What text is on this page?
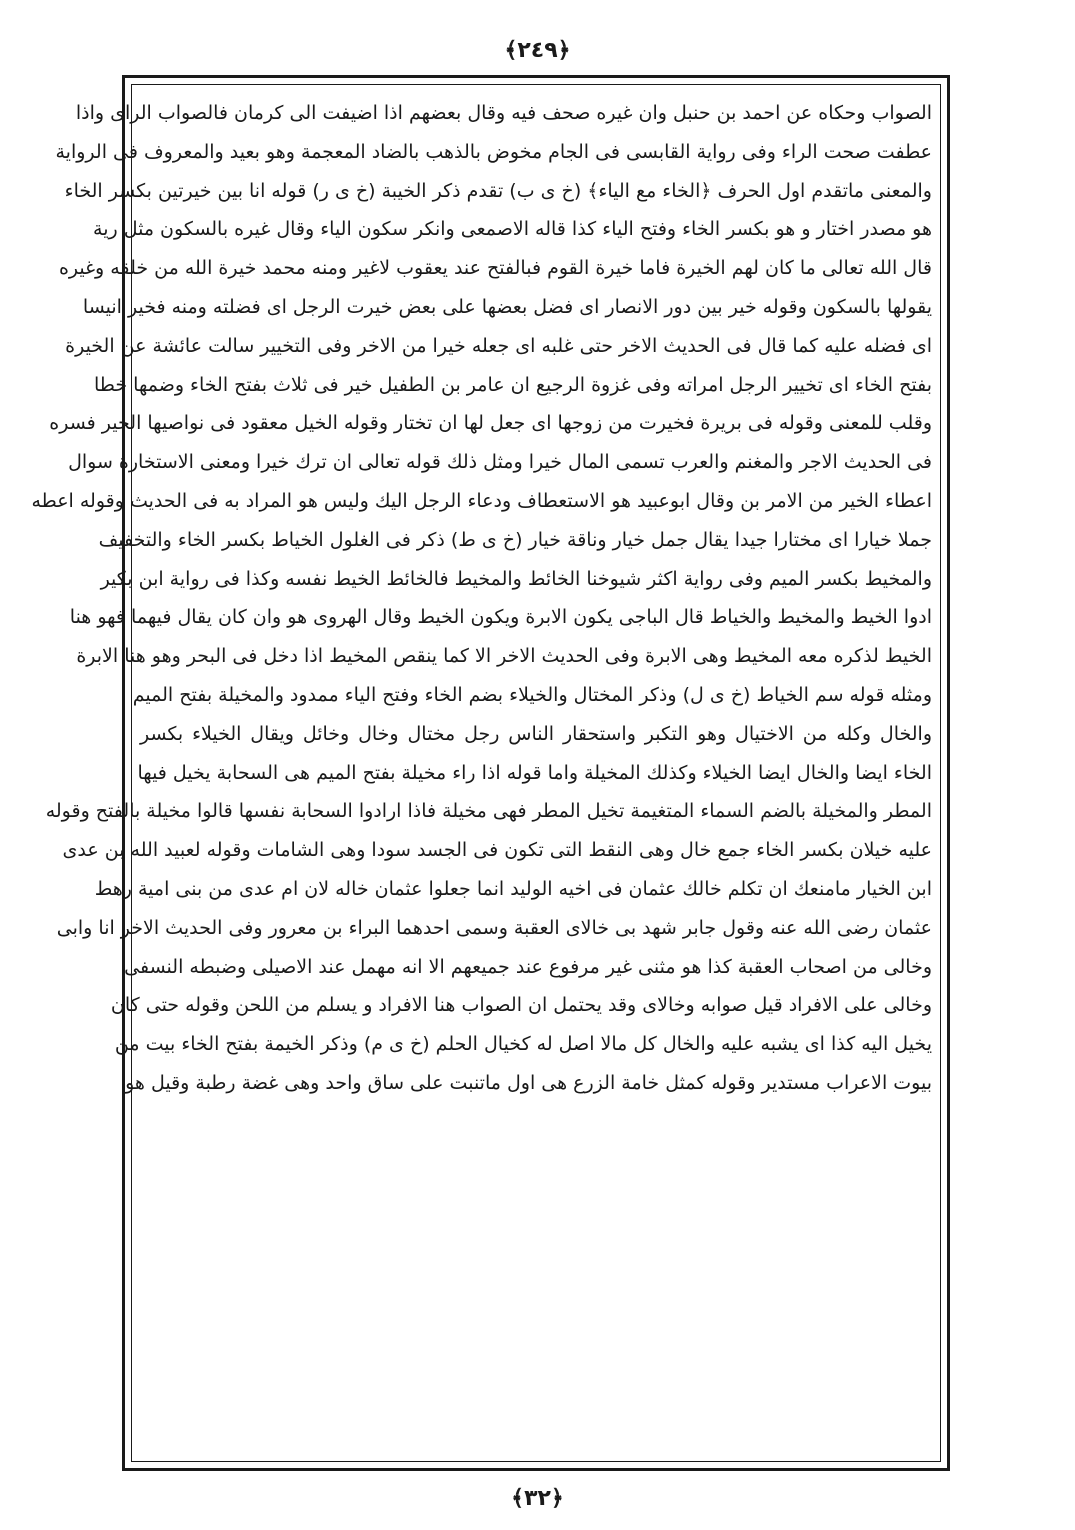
﴿٢٤٩﴾
الصواب وحكاه عن احمد بن حنبل وان غيره صحف فيه وقال بعضهم اذا اضيفت الى كرمان فالصواب الراى واذا
عطفت صحت الراء وفى رواية القابسى فى الجام مخوض بالذهب بالضاد المعجمة وهو بعيد والمعروف فى الرواية
والمعنى ماتقدم اول الحرف ﴿الخاء مع الياء﴾ (خ ى ب) تقدم ذكر الخيبة (خ ى ر) قوله انا بين خيرتين بكسر الخاء
هو مصدر اختار و هو بكسر الخاء وفتح الياء كذا قاله الاصمعى وانكر سكون الياء وقال غيره بالسكون مثل رية
قال الله تعالى ما كان لهم الخيرة فاما خيرة القوم فبالفتح عند يعقوب لاغير ومنه محمد خيرة الله من خلقه وغيره
يقولها بالسكون وقوله خير بين دور الانصار اى فضل بعضها على بعض خيرت الرجل اى فضلته ومنه فخير انيسا
اى فضله عليه كما قال فى الحديث الاخر حتى غلبه اى جعله خيرا من الاخر وفى التخيير سالت عائشة عن الخيرة
بفتح الخاء اى تخيير الرجل امراته وفى غزوة الرجيع ان عامر بن الطفيل خير فى ثلاث بفتح الخاء وضمها خطا
وقلب للمعنى وقوله فى بريرة فخيرت من زوجها اى جعل لها ان تختار وقوله الخيل معقود فى نواصيها الخير فسره
فى الحديث الاجر والمغنم والعرب تسمى المال خيرا ومثل ذلك قوله تعالى ان ترك خيرا ومعنى الاستخارة سوال
اعطاء الخير من الامر بن وقال ابوعبيد هو الاستعطاف ودعاء الرجل اليك وليس هو المراد به فى الحديث وقوله اعطه
جملا خيارا اى مختارا جيدا يقال جمل خيار وناقة خيار (خ ى ط) ذكر فى الغلول الخياط بكسر الخاء والتخفيف
والمخيط بكسر الميم وفى رواية اكثر شيوخنا الخائط والمخيط فالخائط الخيط نفسه وكذا فى رواية ابن بكير
ادوا الخيط والمخيط والخياط قال الباجى يكون الابرة ويكون الخيط وقال الهروى هو وان كان يقال فيهما فهو هنا
الخيط لذكره معه المخيط وهى الابرة وفى الحديث الاخر الا كما ينقص المخيط اذا دخل فى البحر وهو هنا الابرة
ومثله قوله سم الخياط (خ ى ل) وذكر المختال والخيلاء بضم الخاء وفتح الياء ممدود والمخيلة بفتح الميم
والخال وكله من الاختيال وهو التكبر واستحقار الناس رجل مختال وخال وخائل ويقال الخيلاء بكسر
الخاء ايضا والخال ايضا الخيلاء وكذلك المخيلة واما قوله اذا راء مخيلة بفتح الميم هى السحابة يخيل فيها
المطر والمخيلة بالضم السماء المتغيمة تخيل المطر فهى مخيلة فاذا ارادوا السحابة نفسها قالوا مخيلة بالفتح وقوله
عليه خيلان بكسر الخاء جمع خال وهى النقط التى تكون فى الجسد سودا وهى الشامات وقوله لعبيد الله بن عدى
ابن الخيار مامنعك ان تكلم خالك عثمان فى اخيه الوليد انما جعلوا عثمان خاله لان ام عدى من بنى امية رهط
عثمان رضى الله عنه وقول جابر شهد بى خالاى العقبة وسمى احدهما البراء بن معرور وفى الحديث الاخر انا وابى
وخالى من اصحاب العقبة كذا هو مثنى غير مرفوع عند جميعهم الا انه مهمل عند الاصيلى وضبطه النسفى
وخالى على الافراد قيل صوابه وخالاى وقد يحتمل ان الصواب هنا الافراد و يسلم من اللحن وقوله حتى كان
يخيل اليه كذا اى يشبه عليه والخال كل مالا اصل له كخيال الحلم (خ ى م) وذكر الخيمة بفتح الخاء بيت من
بيوت الاعراب مستدير وقوله كمثل خامة الزرع هى اول ماتنبت على ساق واحد وهى غضة رطبة وقيل هو
﴿٣٢﴾
